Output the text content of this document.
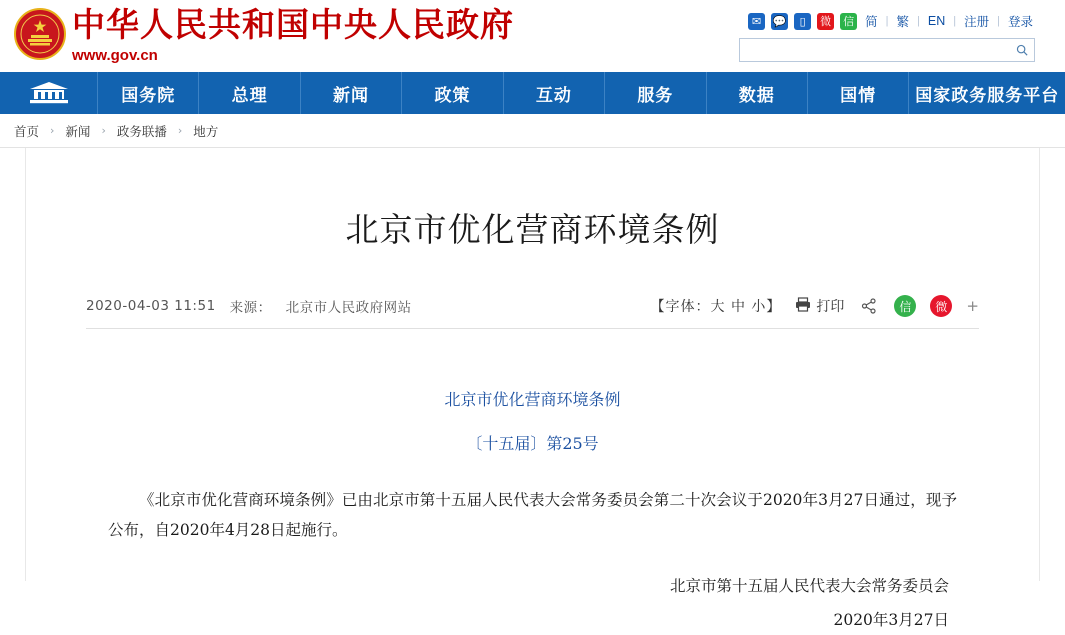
中华人民共和国中央人民政府
www.gov.cn
✉	💬	▯	微 信 简 | 繁 | EN | 注册 | 登录
国务院	总理	新闻	政策	互动	服务	数据	国情	国家政务服务平台
首页 › 新闻 › 政务联播 › 地方
北京市优化营商环境条例
2020-04-03 11:51 来源： 北京市人民政府网站	【字体：大 中 小】	打印	信	微	+
北京市优化营商环境条例
〔十五届〕第25号

《北京市优化营商环境条例》已由北京市第十五届人民代表大会常务委员会第二十次会议于2020年3月27日通过，现予公布，自2020年4月28日起施行。

北京市第十五届人民代表大会常务委员会
2020年3月27日
